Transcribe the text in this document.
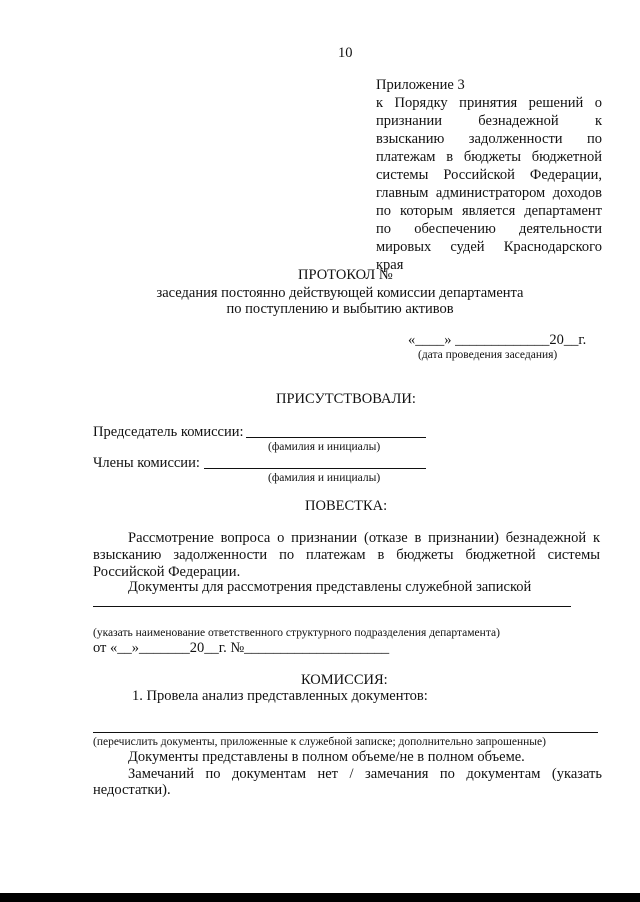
10
Приложение 3
к Порядку принятия решений о
признании безнадежной к
взысканию задолженности по
платежам в бюджеты бюджетной
системы Российской Федерации,
главным администратором доходов
по которым является департамент
по обеспечению деятельности
мировых судей Краснодарского
края
ПРОТОКОЛ №
заседания постоянно действующей комиссии департамента
по поступлению и выбытию активов
«____» _____________20__г.
(дата проведения заседания)
ПРИСУТСТВОВАЛИ:
Председатель комиссии:
(фамилия и инициалы)
Члены комиссии:
(фамилия и инициалы)
ПОВЕСТКА:
Рассмотрение вопроса о признании (отказе в признании) безнадежной к
взысканию задолженности по платежам в бюджеты бюджетной системы
Российской Федерации.
Документы для рассмотрения представлены служебной запиской
(указать наименование ответственного структурного подразделения департамента)
от «__»_______20__г. №____________________
КОМИССИЯ:
1. Провела анализ представленных документов:
(перечислить документы, приложенные к служебной записке; дополнительно запрошенные)
Документы представлены в полном объеме/не в полном объеме.
Замечаний по документам нет / замечания по документам (указать
недостатки).
